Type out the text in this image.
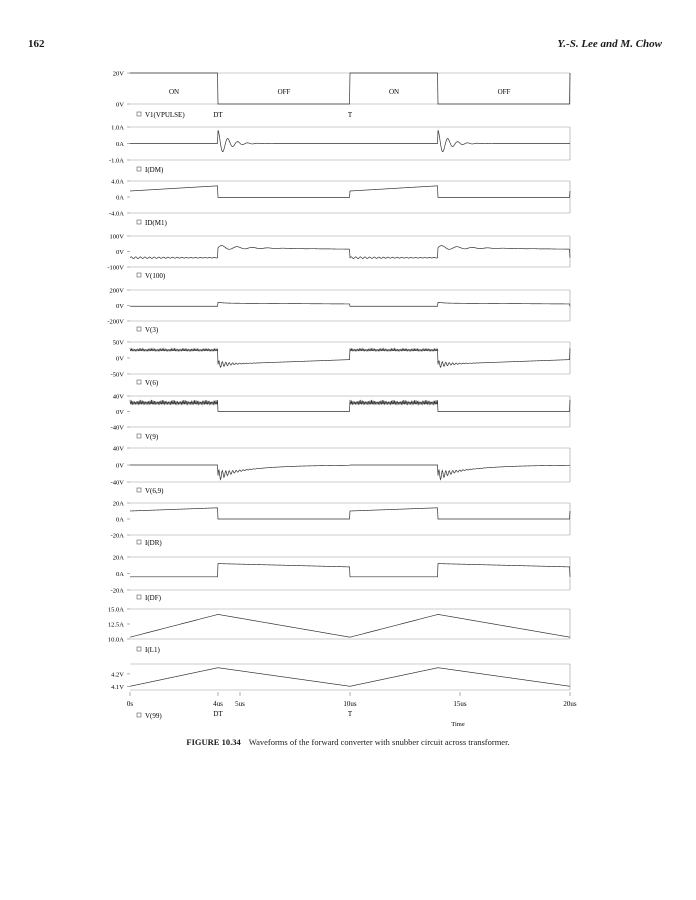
162	Y.-S. Lee and M. Chow
ON	OFF	ON	OFF
20V
0V
V1(VPULSE)
1.0A
0A
-1.0A
I(DM)
4.0A
0A
-4.0A
ID(M1)
100V
0V
-100V
V(100)
200V
0V
-200V
V(3)
50V
0V
-50V
V(6)
40V
0V
-40V
V(9)
40V
0V
-40V
V(6,9)
20A
0A
-20A
I(DR)
20A
0A
-20A
I(DF)
15.0A
12.5A
10.0A
I(L1)
4.2V
4.1V
V(99)
DT	T
0s	4us 5us	10us	15us	20us
DT	T
Time
FIGURE 10.34 Waveforms of the forward converter with snubber circuit across transformer.
